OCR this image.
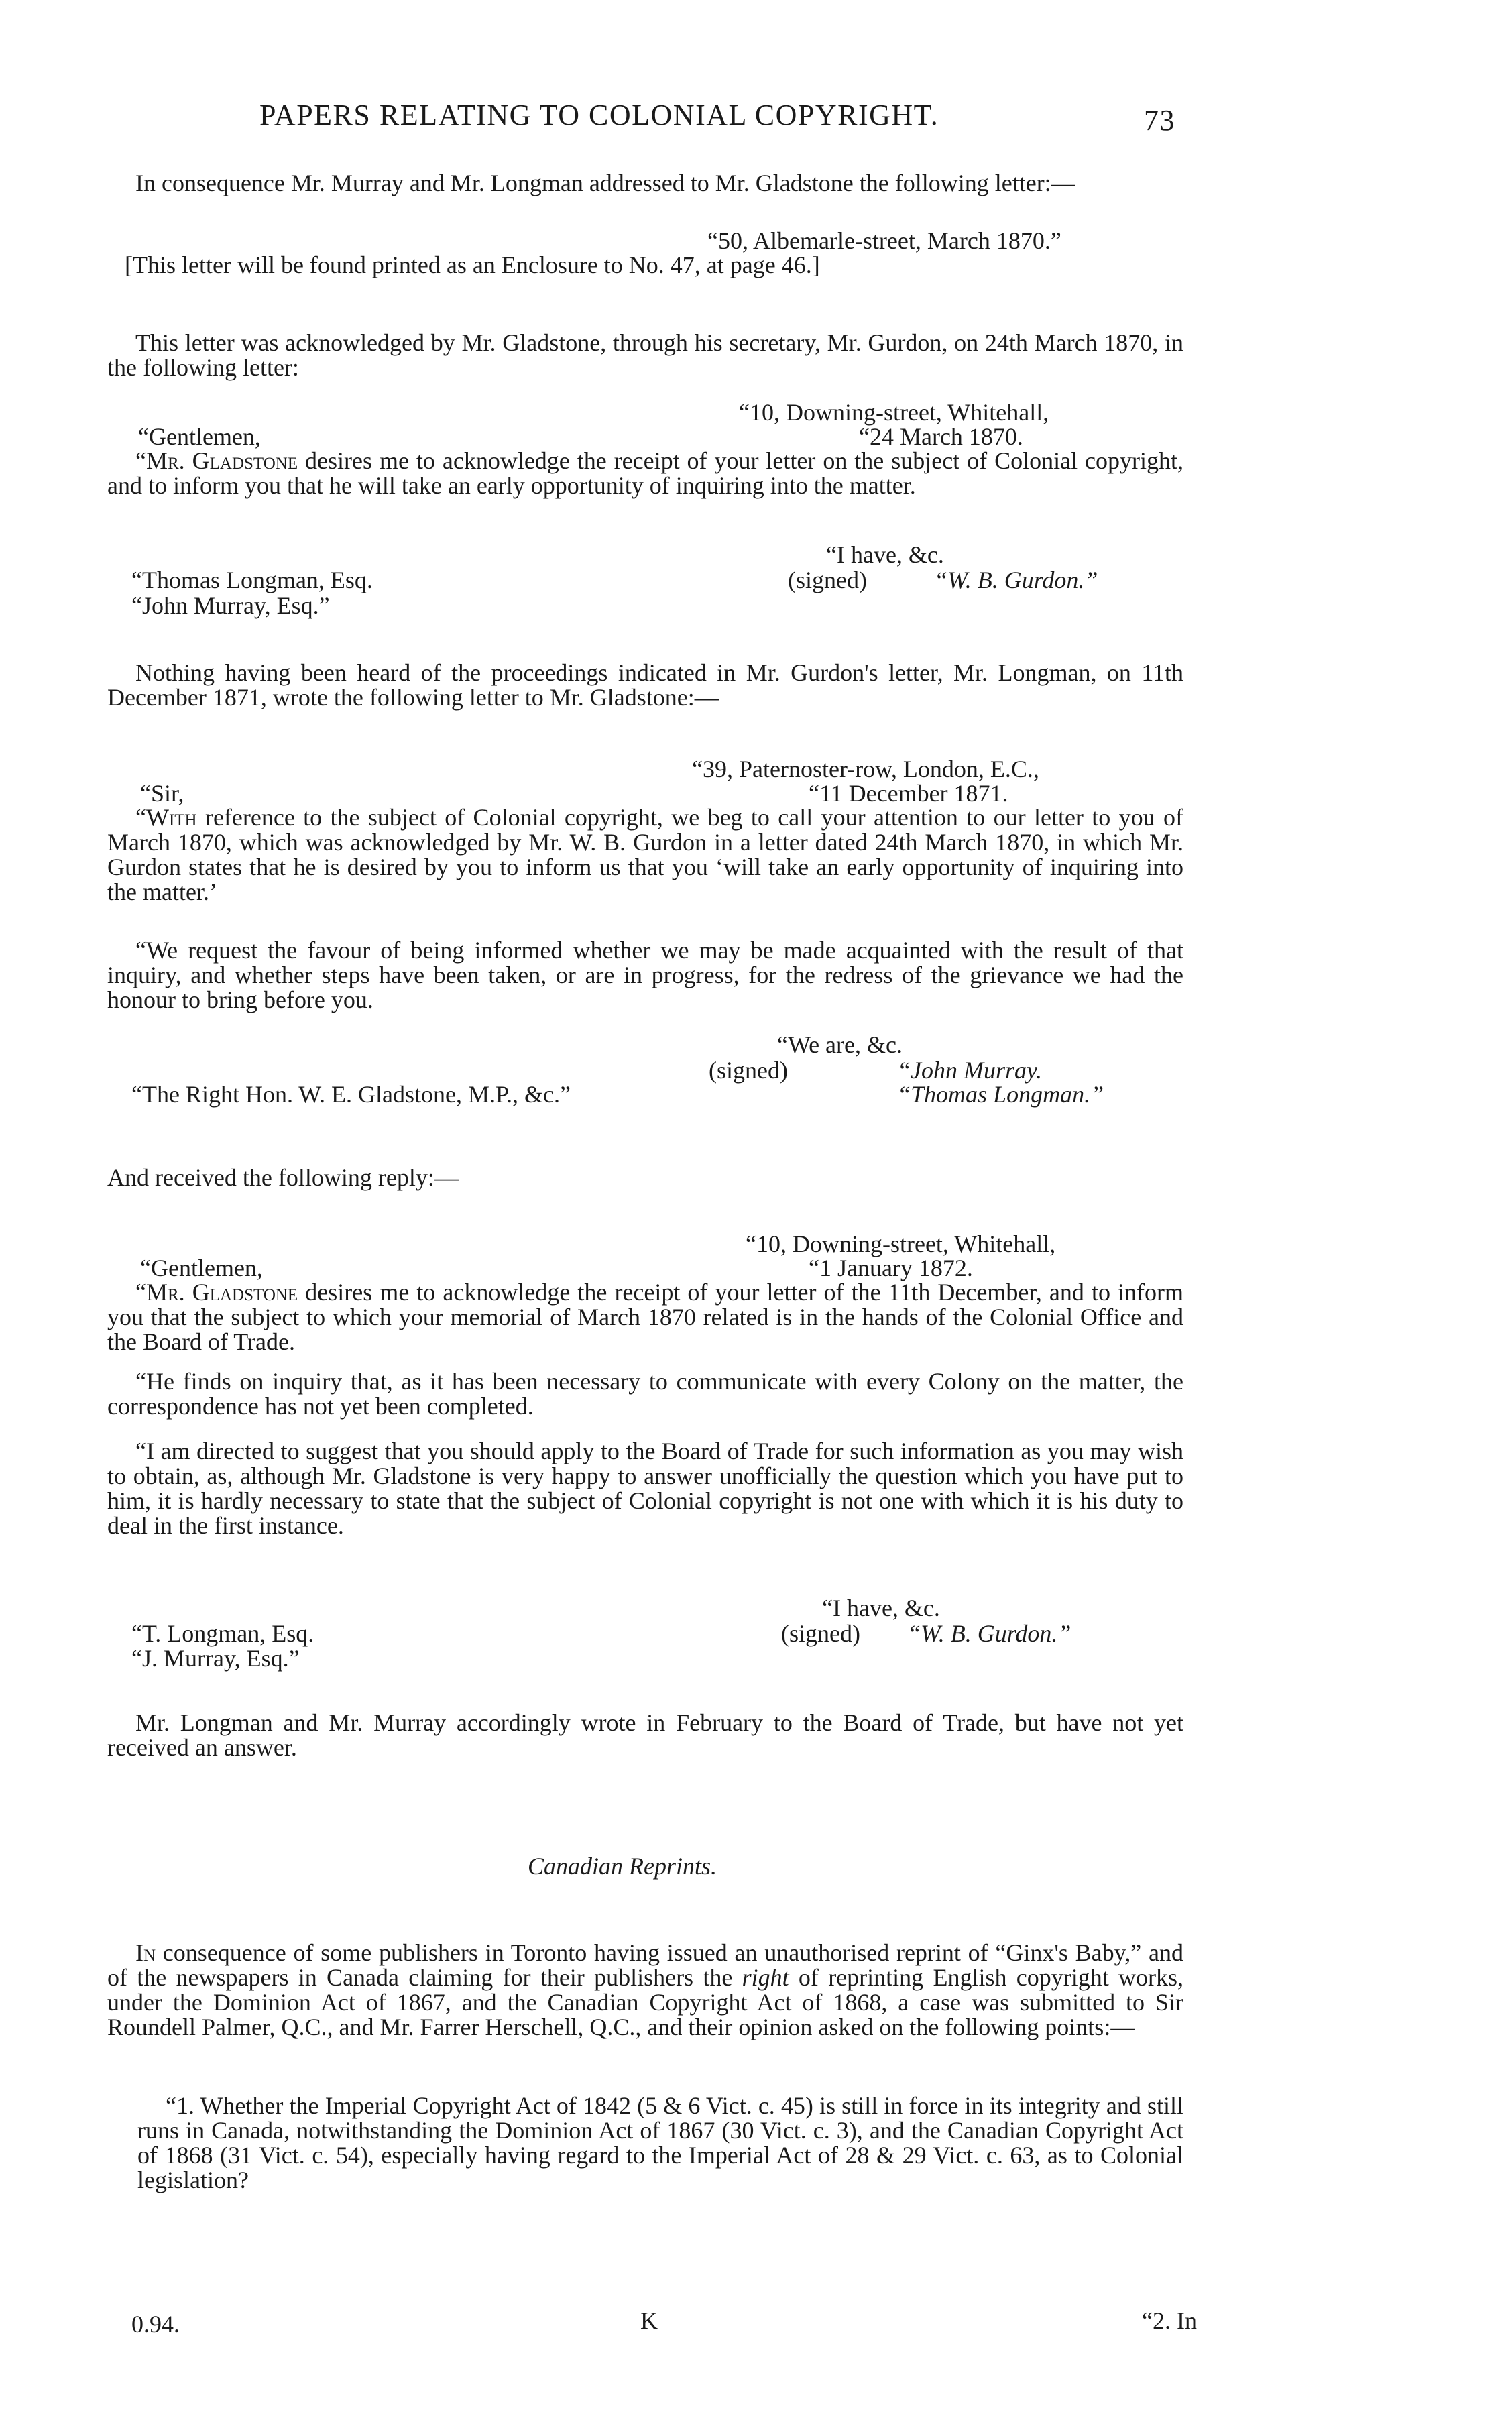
PAPERS RELATING TO COLONIAL COPYRIGHT.	73
In consequence Mr. Murray and Mr. Longman addressed to Mr. Gladstone the following letter:—
“50, Albemarle-street, March 1870.”
[This letter will be found printed as an Enclosure to No. 47, at page 46.]
This letter was acknowledged by Mr. Gladstone, through his secretary, Mr. Gurdon, on 24th March 1870, in the following letter:
“10, Downing-street, Whitehall,
“Gentlemen,	“24 March 1870.
“Mr. Gladstone desires me to acknowledge the receipt of your letter on the subject of Colonial copyright, and to inform you that he will take an early opportunity of inquiring into the matter.
“I have, &c.
(signed)	“W. B. Gurdon.”
“Thomas Longman, Esq.
“John Murray, Esq.”
Nothing having been heard of the proceedings indicated in Mr. Gurdon's letter, Mr. Longman, on 11th December 1871, wrote the following letter to Mr. Gladstone:—
“39, Paternoster-row, London, E.C.,
“Sir,	“11 December 1871.
“With reference to the subject of Colonial copyright, we beg to call your attention to our letter to you of March 1870, which was acknowledged by Mr. W. B. Gurdon in a letter dated 24th March 1870, in which Mr. Gurdon states that he is desired by you to inform us that you ‘will take an early opportunity of inquiring into the matter.’
“We request the favour of being informed whether we may be made acquainted with the result of that inquiry, and whether steps have been taken, or are in progress, for the redress of the grievance we had the honour to bring before you.
“We are, &c.
(signed)	“John Murray.
“Thomas Longman.”
“The Right Hon. W. E. Gladstone, M.P., &c.”
And received the following reply:—
“10, Downing-street, Whitehall,
“Gentlemen,	“1 January 1872.
“Mr. Gladstone desires me to acknowledge the receipt of your letter of the 11th December, and to inform you that the subject to which your memorial of March 1870 related is in the hands of the Colonial Office and the Board of Trade.
“He finds on inquiry that, as it has been necessary to communicate with every Colony on the matter, the correspondence has not yet been completed.
“I am directed to suggest that you should apply to the Board of Trade for such information as you may wish to obtain, as, although Mr. Gladstone is very happy to answer unofficially the question which you have put to him, it is hardly necessary to state that the subject of Colonial copyright is not one with which it is his duty to deal in the first instance.
“I have, &c.
(signed) “W. B. Gurdon.”
“T. Longman, Esq.
“J. Murray, Esq.”
Mr. Longman and Mr. Murray accordingly wrote in February to the Board of Trade, but have not yet received an answer.
Canadian Reprints.
In consequence of some publishers in Toronto having issued an unauthorised reprint of “Ginx's Baby,” and of the newspapers in Canada claiming for their publishers the right of reprinting English copyright works, under the Dominion Act of 1867, and the Canadian Copyright Act of 1868, a case was submitted to Sir Roundell Palmer, Q.C., and Mr. Farrer Herschell, Q.C., and their opinion asked on the following points:—
“1. Whether the Imperial Copyright Act of 1842 (5 & 6 Vict. c. 45) is still in force in its integrity and still runs in Canada, notwithstanding the Dominion Act of 1867 (30 Vict. c. 3), and the Canadian Copyright Act of 1868 (31 Vict. c. 54), especially having regard to the Imperial Act of 28 & 29 Vict. c. 63, as to Colonial legislation?
0.94.	K	“2. In
